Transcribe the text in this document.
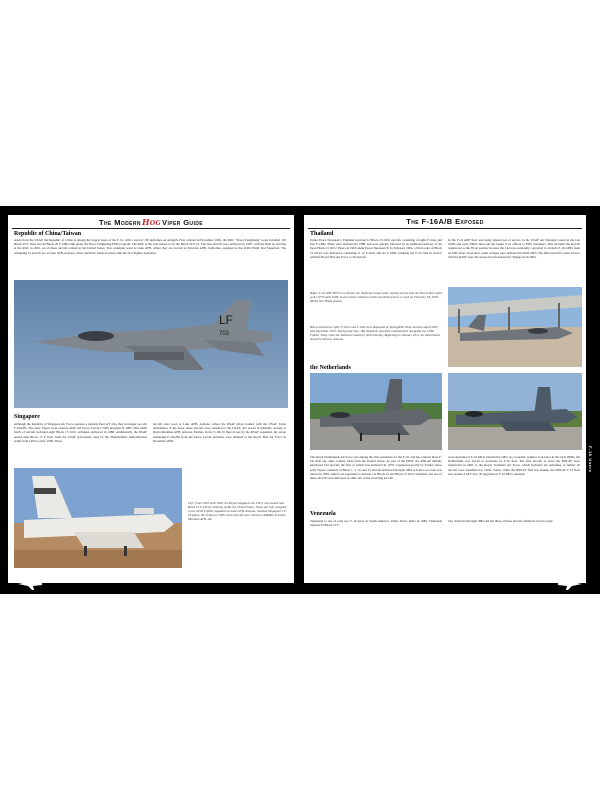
F-16 Users
The ModernHogViper Guide
Republic of China/Taiwan
Aside from the USAF, the Republic of China is among the largest users of the F-16, with a total of 150 airframes on strength. First ordered in November 1992, the ROC "Peace Fenghuang" order included 120 Block 20 F-16As and 30 Block 20 F-16Bs built under the Peace Fenghuang FMS program. The ROC is the only nation to fly the Block 20 F-16. The first aircraft were delivered in 1997, with the final jet arriving at the ROC in 2001. As of these aircraft remain in the United States. Two examples went to Luke AFB, where they are located at Edwards AFB, California, assigned to the 416th Flight Test Squadron. The remaining 14 aircraft are at Luke AFB, Arizona, where the ROC trains its pilots with the 21st Fighter Squadron.
LF
703
Singapore
Although the Republic of Singapore Air Force operates a sizeable fleet of F-16s, they no longer use any F-16A/Bs. The early Vipers were ordered under the Peace Carvin I FMS program in 1985. This small batch of aircraft included eight Block 15 OCU airframes delivered in 1988. Additionally, the RSAF leased nine Block 15 F-16As from the USAF (previously used by the Thunderbirds demonstration team) from 1993 to early 1996. These
aircraft were used at Luke AFB, Arizona, where the RSAF pilots trained with the USAF. Upon termination of the lease, these aircraft were returned to the USAF, and stored in AMARC storage at Davis-Monthan AFB, Arizona. Further, in the F-16C/D fleet in use by the RSAF expanded, the seven remaining F-16A/Bs from the Peace Carvin purchase were donated to the Royal Thai Air Force in December 2004.
Left: From 1993 until 1996, the Royal Singapore Air Force was leased nine Block 15 F-16s for training inside the United States. These aircraft, assigned to the 425th Fighter Squadron at Luke AFB, Arizona, retained Singapore's F-16 policy. By February 1996, these aircraft were retired to AMARC at Davis-Monthan AFB, AZ.
The F-16A/B Exposed
Thailand
Under Peace Naresuan I, Thailand received 12 Block 15 OCU aircraft, consisting of eight F-16As and four F-16Bs. These were delivered in 1988, and were quickly followed by an additional delivery of six more Block 15 OCU Vipers in 1995 under Peace Naresuan II. In February 2004, a third order of Block 15 OCUs was delivered, consisting of 12 F-16As and six F-16Bs, bringing the F-16 fleet in service with the Royal Thai Air Force to 56 aircraft.
In the F-16 ADF fleet was being phased out of service in the USAF Air National Guard in the late 1990s and early 2000s, these aircraft began to be offered to FMS customers. This included the aircraft transferred to the 85 air partner because the 144 was eventually converted to Jordan's F-16 ADFs from an ANG fleet. Soon after, some of these were delivered in 2002-2003. The final aircraft to enter service with the RTAF were the seven aircraft donated by Singapore in 2004.
Right: F-16 ADF 80572 is a former Air National Guard asset, having served with the Puerto Rico ANG as 81-0779 until 1998. It was sold to Jordan in 2002, but destroyed in a crash on February 18, 2003. (Holly Van Hoeke photo)
Below and below right: F-16Cs and F-16D were displayed at Springfield, Ohio, between April 2007 and December 2010. During that time, 186 Squadron operated a detachment alongside the 178th Fighter Wing, Ohio Air National Guard for pilot training. Beginning in January 2011, the detachment moved to Tucson, Arizona.
the Netherlands
The Royal Netherlands Air Force was among the first customers for the F-16, and has ordered more F-16s than any other country aside from the United States. As part of the EPAF, the RNLAF initially purchased 102 aircraft, the first of which was delivered in 1979. Contracted locally by Fokker, these early Vipers consisted of Block 1, 5, 10, and 15 aircraft delivered through 1984. A follow-on order was placed in 1983, which was expanded to include 111 Block 10 and Block 15 OCU airframes, the last of these aircraft were delivered in 1992. All of the surviving aircraft
were upgraded to F-16 MLU standard by 2002. As economic realities took place in the early 2000s, the Netherlands was forced to downsize its F-16 fleet. The first aircraft to leave the RNLAF were transferred in 2005 to the Royal Jordanian Air Force, which included six airframes. A further 36 aircraft were transferred to Chile. Today, while the RNLAF fleet has shrunk, the RNLAF F-16 fleet now stands at 68 F-16s, all upgraded to F-16 MLU standard.
Venezuela
Venezuela is one of only two F-16 users in South America. Under Peace Delta in 1982, Venezuela ordered 24 Block 15 F-
16s, delivered through 1984. All but three of these aircraft remain in service today.
